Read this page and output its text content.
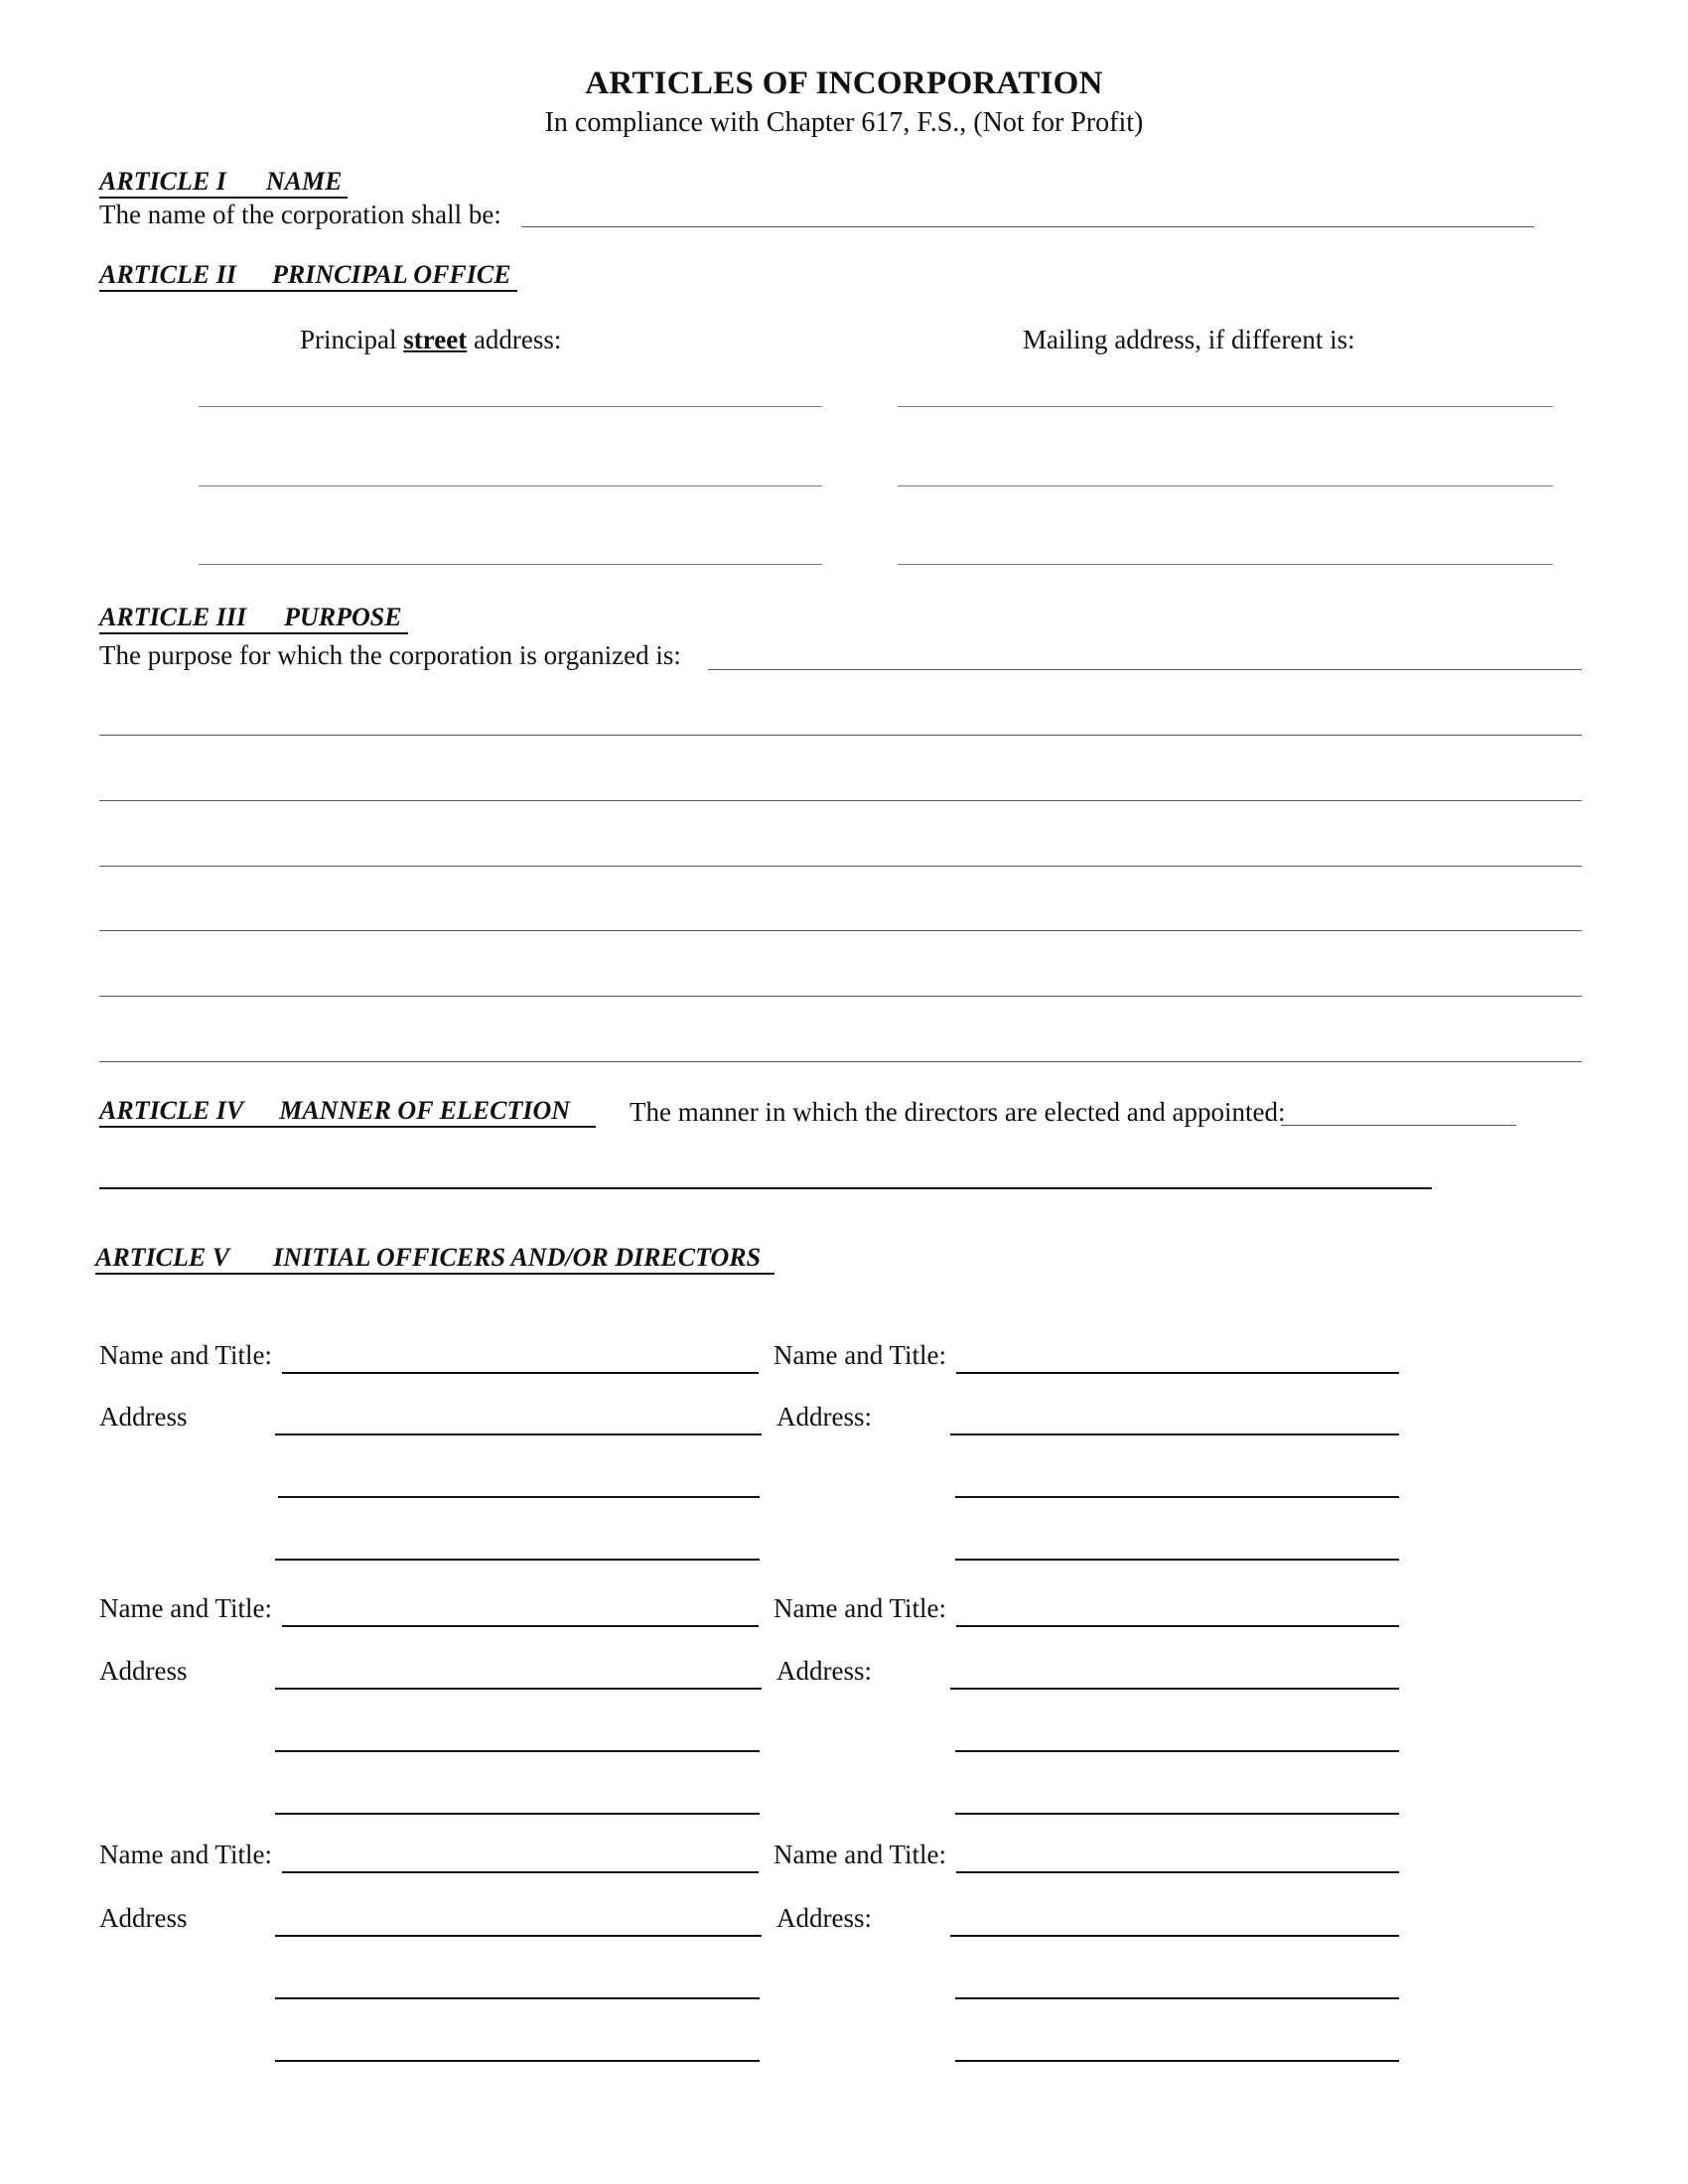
ARTICLES OF INCORPORATION
In compliance with Chapter 617, F.S., (Not for Profit)
ARTICLE I NAME
The name of the corporation shall be:
ARTICLE II PRINCIPAL OFFICE
Principal street address:	Mailing address, if different is:
ARTICLE III PURPOSE
The purpose for which the corporation is organized is:
ARTICLE IV MANNER OF ELECTION	The manner in which the directors are elected and appointed:
ARTICLE V INITIAL OFFICERS AND/OR DIRECTORS
Name and Title:
Address
Name and Title:
Address:
Name and Title:
Address
Name and Title:
Address:
Name and Title:
Address
Name and Title:
Address:
